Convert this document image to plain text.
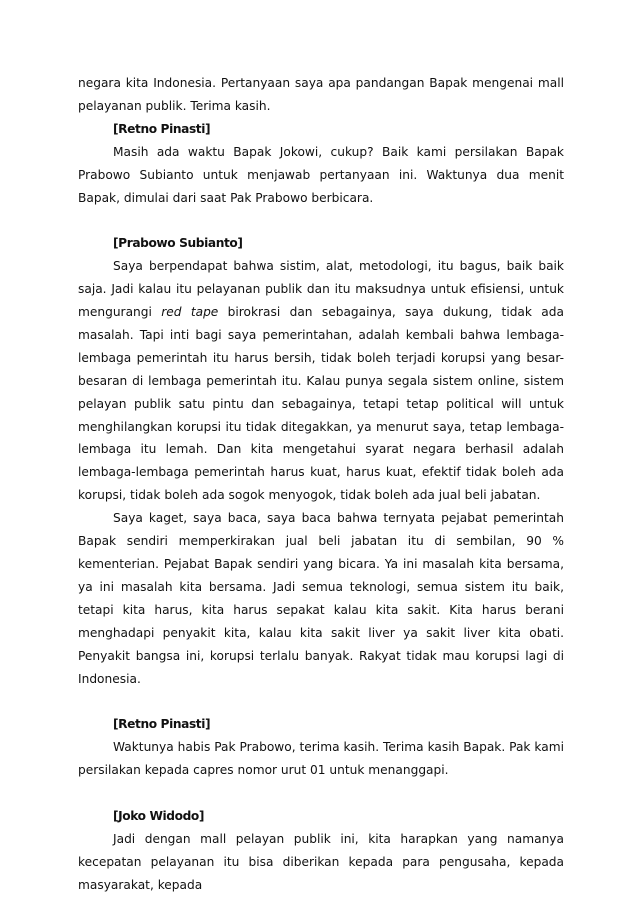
negara kita Indonesia. Pertanyaan saya apa pandangan Bapak mengenai mall pelayanan publik. Terima kasih.

[Retno Pinasti]

Masih ada waktu Bapak Jokowi, cukup? Baik kami persilakan Bapak Prabowo Subianto untuk menjawab pertanyaan ini. Waktunya dua menit Bapak, dimulai dari saat Pak Prabowo berbicara.

[Prabowo Subianto]

Saya berpendapat bahwa sistim, alat, metodologi, itu bagus, baik baik saja. Jadi kalau itu pelayanan publik dan itu maksudnya untuk efisiensi, untuk mengurangi red tape birokrasi dan sebagainya, saya dukung, tidak ada masalah. Tapi inti bagi saya pemerintahan, adalah kembali bahwa lembaga-lembaga pemerintah itu harus bersih, tidak boleh terjadi korupsi yang besar-besaran di lembaga pemerintah itu. Kalau punya segala sistem online, sistem pelayan publik satu pintu dan sebagainya, tetapi tetap political will untuk menghilangkan korupsi itu tidak ditegakkan, ya menurut saya, tetap lembaga-lembaga itu lemah. Dan kita mengetahui syarat negara berhasil adalah lembaga-lembaga pemerintah harus kuat, harus kuat, efektif tidak boleh ada korupsi, tidak boleh ada sogok menyogok, tidak boleh ada jual beli jabatan.

Saya kaget, saya baca, saya baca bahwa ternyata pejabat pemerintah Bapak sendiri memperkirakan jual beli jabatan itu di sembilan, 90 % kementerian. Pejabat Bapak sendiri yang bicara. Ya ini masalah kita bersama, ya ini masalah kita bersama. Jadi semua teknologi, semua sistem itu baik, tetapi kita harus, kita harus sepakat kalau kita sakit. Kita harus berani menghadapi penyakit kita, kalau kita sakit liver ya sakit liver kita obati. Penyakit bangsa ini, korupsi terlalu banyak. Rakyat tidak mau korupsi lagi di Indonesia.

[Retno Pinasti]

Waktunya habis Pak Prabowo, terima kasih. Terima kasih Bapak. Pak kami persilakan kepada capres nomor urut 01 untuk menanggapi.

[Joko Widodo]

Jadi dengan mall pelayan publik ini, kita harapkan yang namanya kecepatan pelayanan itu bisa diberikan kepada para pengusaha, kepada masyarakat, kepada
